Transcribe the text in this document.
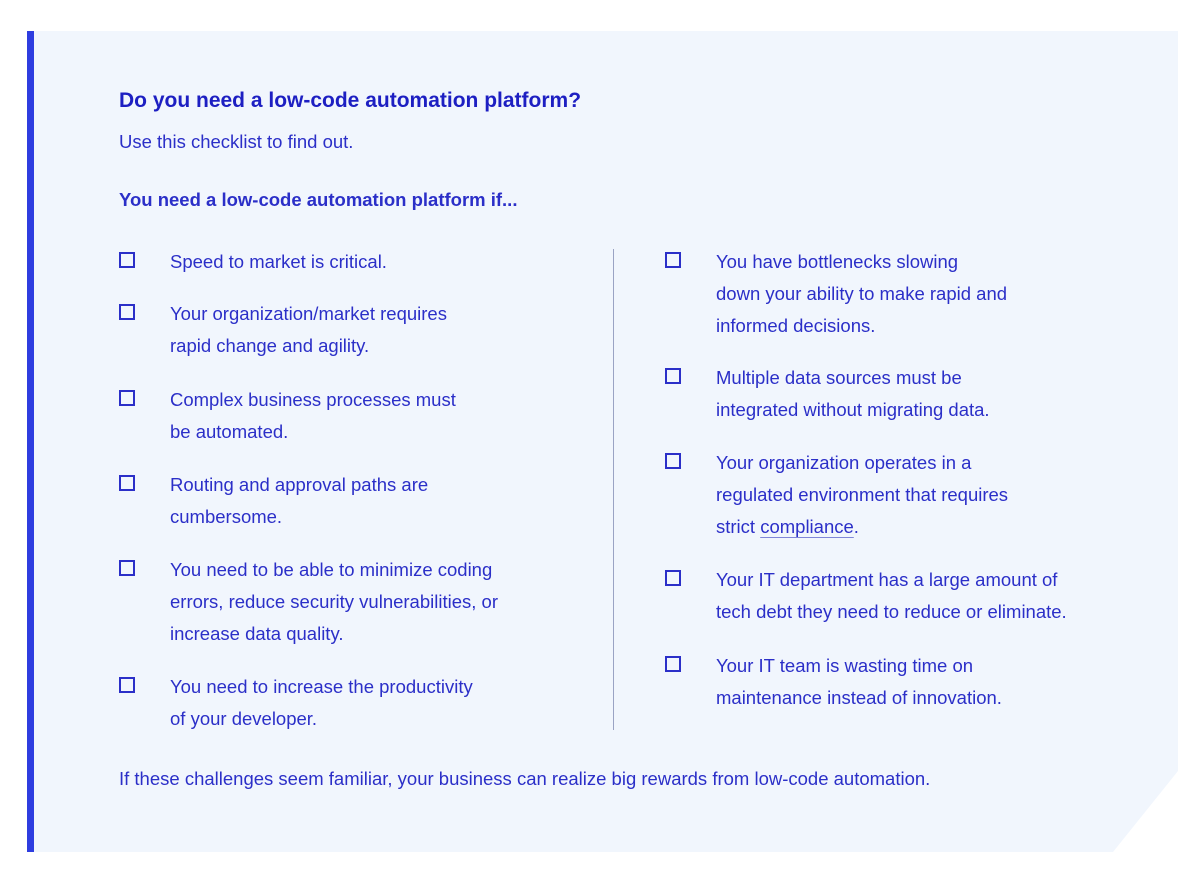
Do you need a low-code automation platform?

Use this checklist to find out.

You need a low-code automation platform if...

Speed to market is critical.
Your organization/market requires
rapid change and agility.
Complex business processes must
be automated.
Routing and approval paths are
cumbersome.
You need to be able to minimize coding
errors, reduce security vulnerabilities, or
increase data quality.
You need to increase the productivity
of your developer.
You have bottlenecks slowing
down your ability to make rapid and
informed decisions.
Multiple data sources must be
integrated without migrating data.
Your organization operates in a
regulated environment that requires
strict compliance.
Your IT department has a large amount of
tech debt they need to reduce or eliminate.
Your IT team is wasting time on
maintenance instead of innovation.

If these challenges seem familiar, your business can realize big rewards from low-code automation.
